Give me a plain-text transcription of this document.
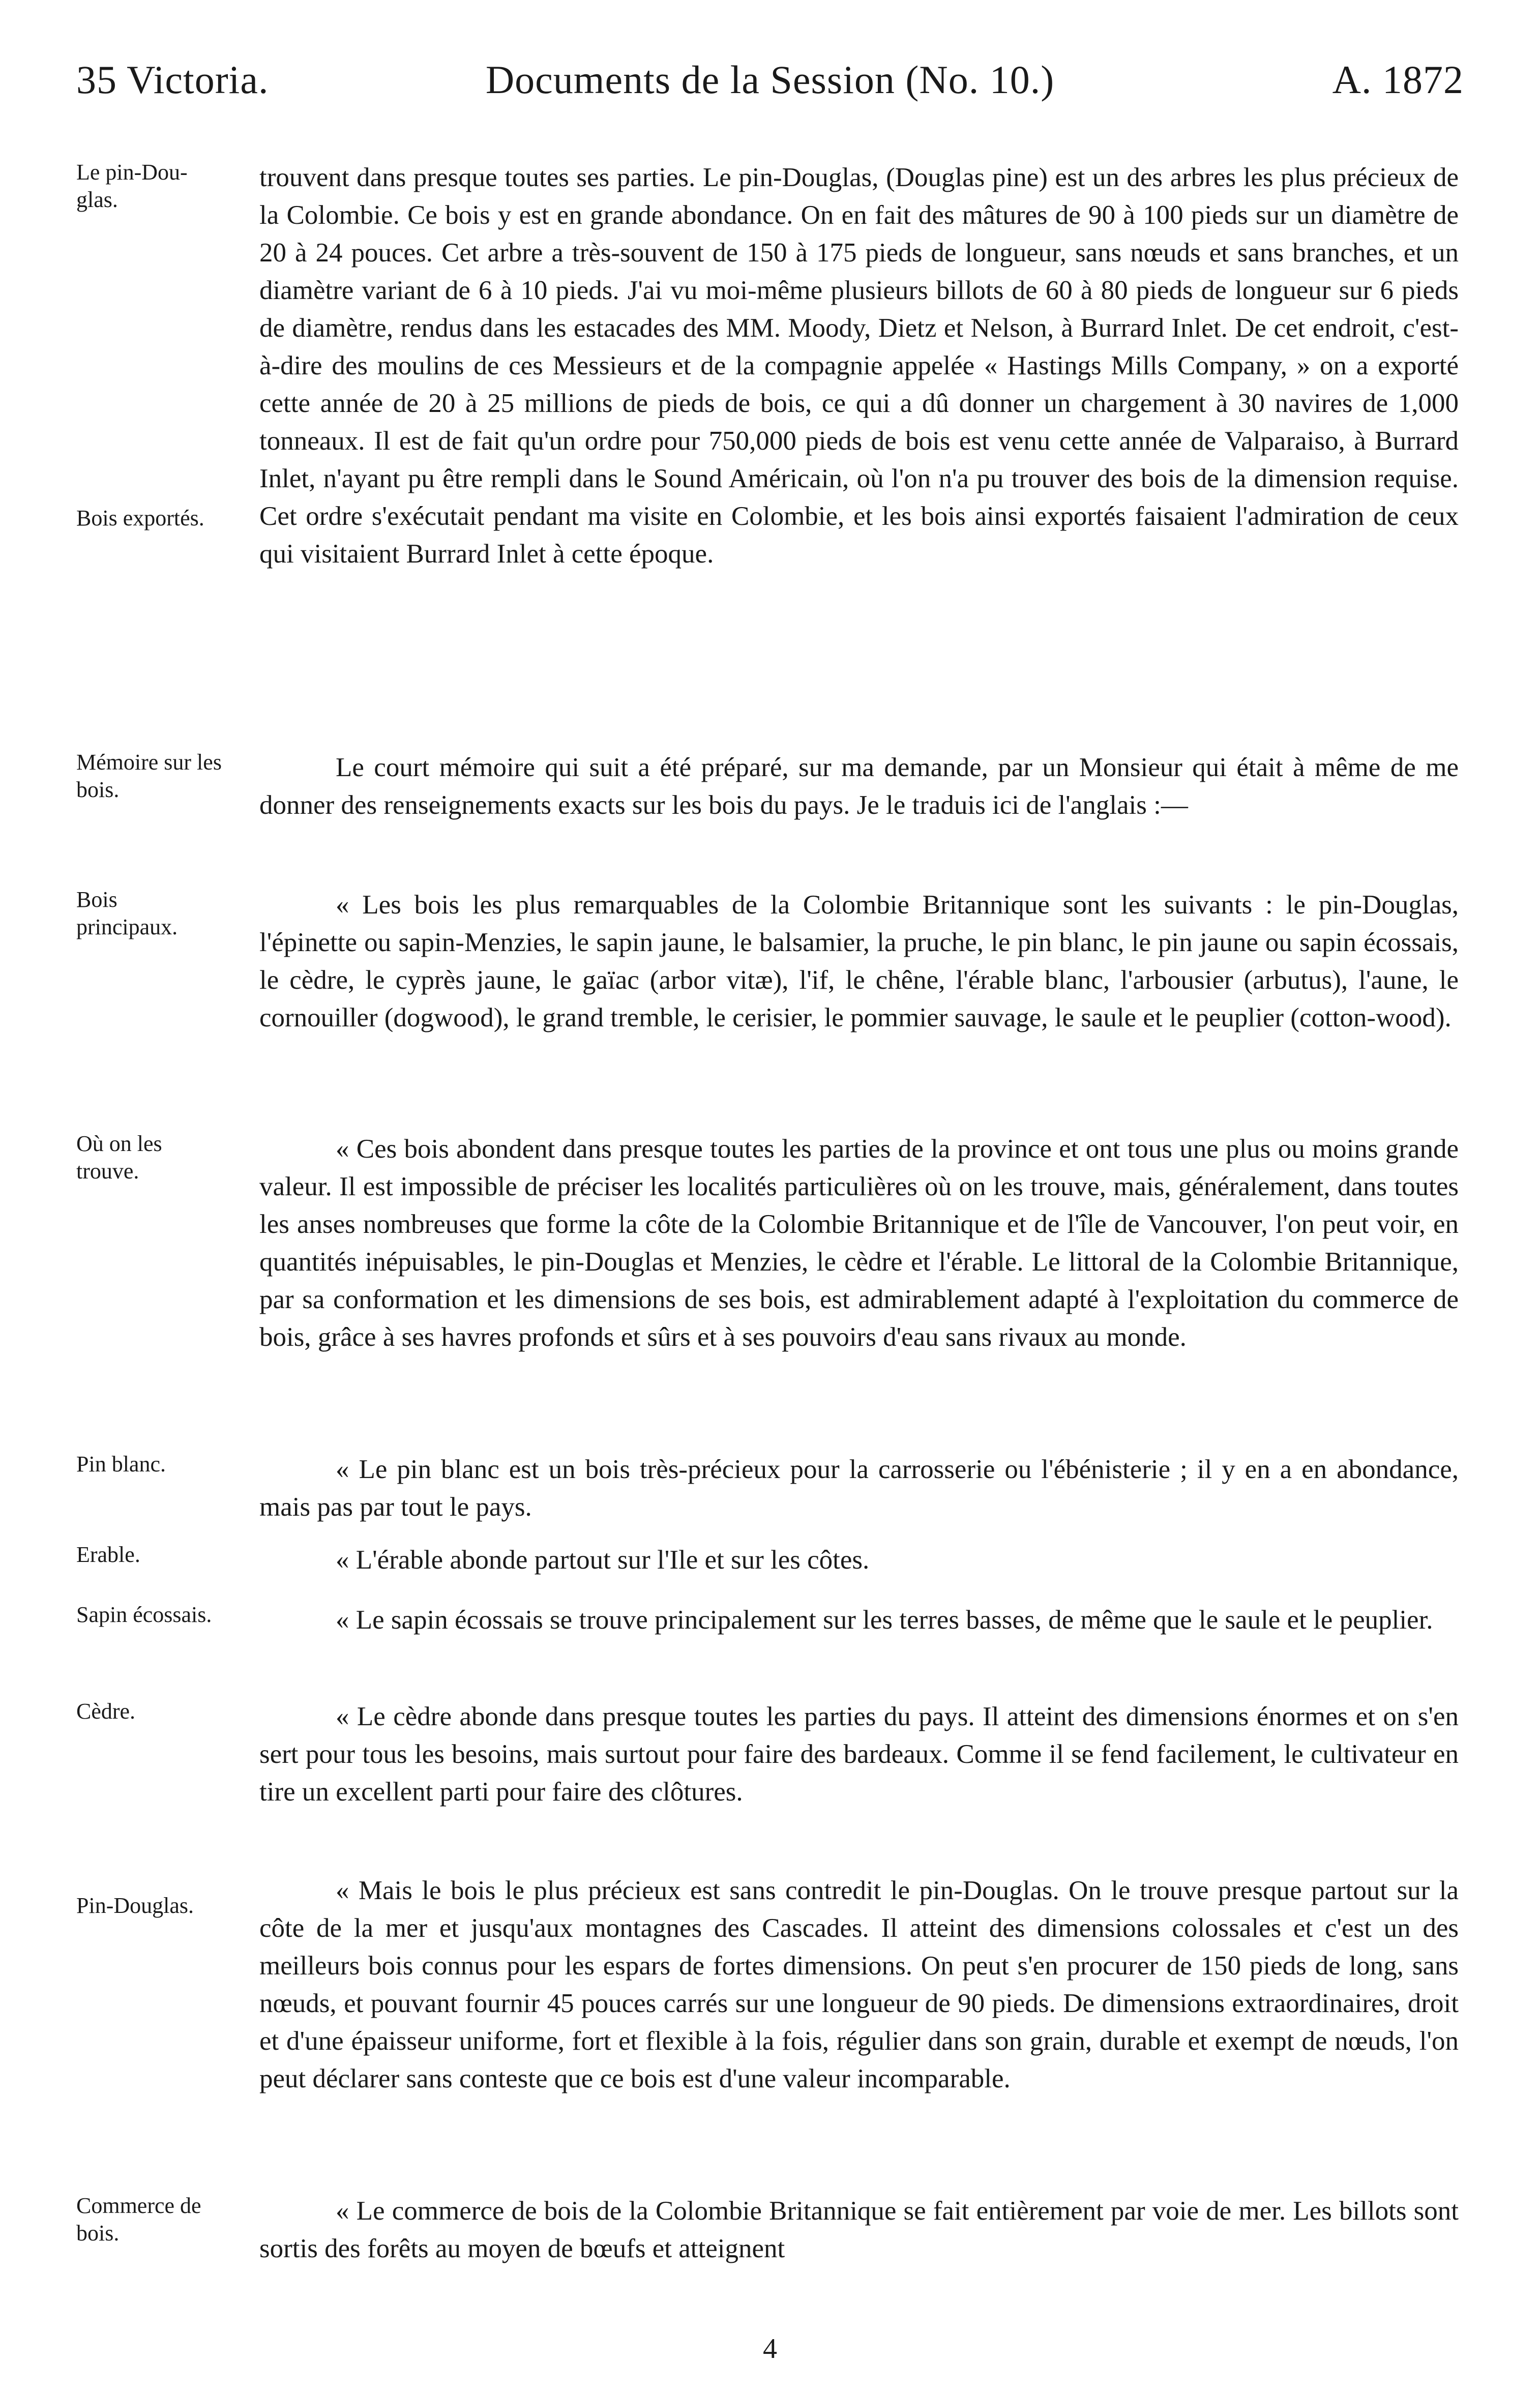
35 Victoria.	Documents de la Session (No. 10.)	A. 1872
Le pin-Dou-glas.
Bois exportés.

trouvent dans presque toutes ses parties. Le pin-Douglas, (Douglas pine) est un des arbres les plus précieux de la Colombie. Ce bois y est en grande abondance. On en fait des mâtures de 90 à 100 pieds sur un diamètre de 20 à 24 pouces. Cet arbre a très-souvent de 150 à 175 pieds de longueur, sans nœuds et sans branches, et un diamètre variant de 6 à 10 pieds. J'ai vu moi-même plusieurs billots de 60 à 80 pieds de longueur sur 6 pieds de diamètre, rendus dans les estacades des MM. Moody, Dietz et Nelson, à Burrard Inlet. De cet endroit, c'est-à-dire des moulins de ces Messieurs et de la compagnie appelée « Hastings Mills Company, » on a exporté cette année de 20 à 25 millions de pieds de bois, ce qui a dû donner un chargement à 30 navires de 1,000 tonneaux. Il est de fait qu'un ordre pour 750,000 pieds de bois est venu cette année de Valparaiso, à Burrard Inlet, n'ayant pu être rempli dans le Sound Américain, où l'on n'a pu trouver des bois de la dimension requise. Cet ordre s'exécutait pendant ma visite en Colombie, et les bois ainsi exportés faisaient l'admiration de ceux qui visitaient Burrard Inlet à cette époque.

Mémoire sur les bois.

Le court mémoire qui suit a été préparé, sur ma demande, par un Monsieur qui était à même de me donner des renseignements exacts sur les bois du pays. Je le traduis ici de l'anglais :—

Bois principaux.

« Les bois les plus remarquables de la Colombie Britannique sont les suivants : le pin-Douglas, l'épinette ou sapin-Menzies, le sapin jaune, le balsamier, la pruche, le pin blanc, le pin jaune ou sapin écossais, le cèdre, le cyprès jaune, le gaïac (arbor vitæ), l'if, le chêne, l'érable blanc, l'arbousier (arbutus), l'aune, le cornouiller (dogwood), le grand tremble, le cerisier, le pommier sauvage, le saule et le peuplier (cotton-wood).

Où on les trouve.

« Ces bois abondent dans presque toutes les parties de la province et ont tous une plus ou moins grande valeur. Il est impossible de préciser les localités particulières où on les trouve, mais, généralement, dans toutes les anses nombreuses que forme la côte de la Colombie Britannique et de l'île de Vancouver, l'on peut voir, en quantités inépuisables, le pin-Douglas et Menzies, le cèdre et l'érable. Le littoral de la Colombie Britannique, par sa conformation et les dimensions de ses bois, est admirablement adapté à l'exploitation du commerce de bois, grâce à ses havres profonds et sûrs et à ses pouvoirs d'eau sans rivaux au monde.

Pin blanc.	« Le pin blanc est un bois très-précieux pour la carrosserie ou l'ébénisterie ; il y en a en abondance, mais pas par tout le pays.

Erable.	« L'érable abonde partout sur l'Ile et sur les côtes.

Sapin écossais.	« Le sapin écossais se trouve principalement sur les terres basses, de même que le saule et le peuplier.

Cèdre.	« Le cèdre abonde dans presque toutes les parties du pays. Il atteint des dimensions énormes et on s'en sert pour tous les besoins, mais surtout pour faire des bardeaux. Comme il se fend facilement, le cultivateur en tire un excellent parti pour faire des clôtures.

Pin-Douglas.

« Mais le bois le plus précieux est sans contredit le pin-Douglas. On le trouve presque partout sur la côte de la mer et jusqu'aux montagnes des Cascades. Il atteint des dimensions colossales et c'est un des meilleurs bois connus pour les espars de fortes dimensions. On peut s'en procurer de 150 pieds de long, sans nœuds, et pouvant fournir 45 pouces carrés sur une longueur de 90 pieds. De dimensions extraordinaires, droit et d'une épaisseur uniforme, fort et flexible à la fois, régulier dans son grain, durable et exempt de nœuds, l'on peut déclarer sans conteste que ce bois est d'une valeur incomparable.

Commerce de bois.

« Le commerce de bois de la Colombie Britannique se fait entièrement par voie de mer. Les billots sont sortis des forêts au moyen de bœufs et atteignent

4
